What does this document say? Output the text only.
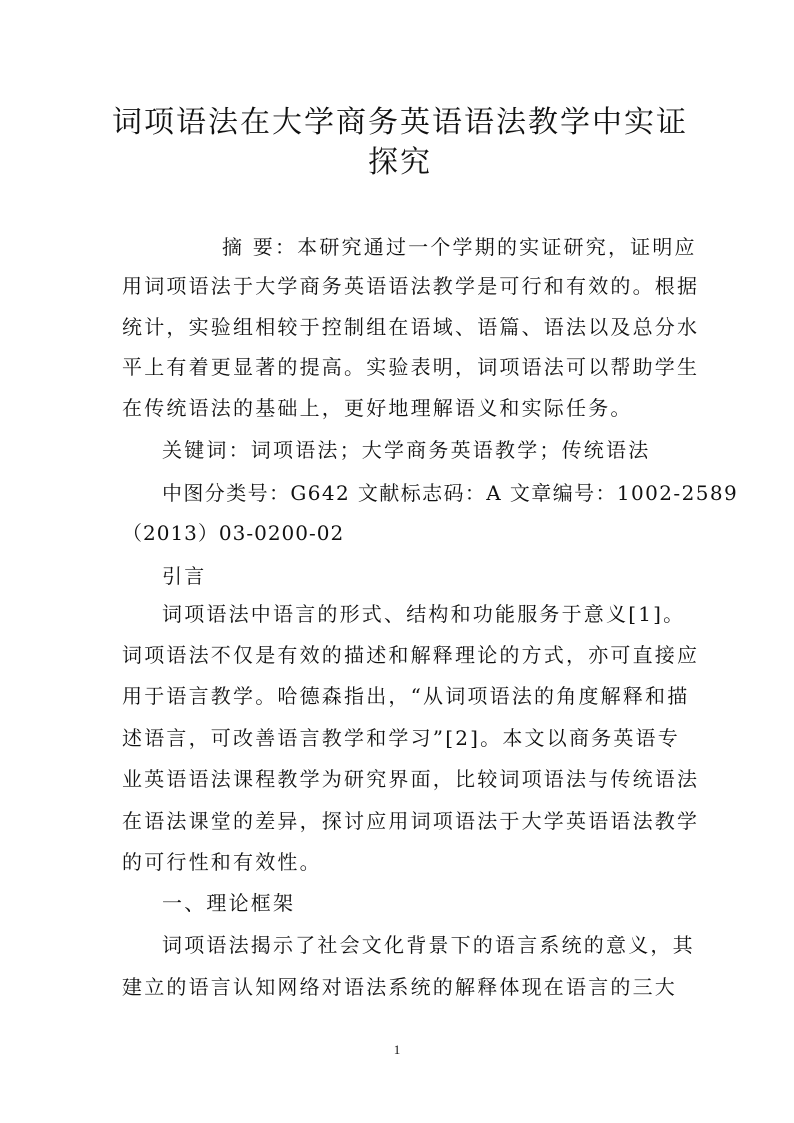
词项语法在大学商务英语语法教学中实证
探究

摘 要：本研究通过一个学期的实证研究，证明应

用词项语法于大学商务英语语法教学是可行和有效的。根据

统计，实验组相较于控制组在语域、语篇、语法以及总分水

平上有着更显著的提高。实验表明，词项语法可以帮助学生

在传统语法的基础上，更好地理解语义和实际任务。

关键词：词项语法；大学商务英语教学；传统语法

中图分类号：G642 文献标志码：A 文章编号：1002-2589

（2013）03-0200-02

引言

词项语法中语言的形式、结构和功能服务于意义[1]。

词项语法不仅是有效的描述和解释理论的方式，亦可直接应

用于语言教学。哈德森指出，“从词项语法的角度解释和描

述语言，可改善语言教学和学习”[2]。本文以商务英语专

业英语语法课程教学为研究界面，比较词项语法与传统语法

在语法课堂的差异，探讨应用词项语法于大学英语语法教学

的可行性和有效性。

一、理论框架

词项语法揭示了社会文化背景下的语言系统的意义，其

建立的语言认知网络对语法系统的解释体现在语言的三大

1
